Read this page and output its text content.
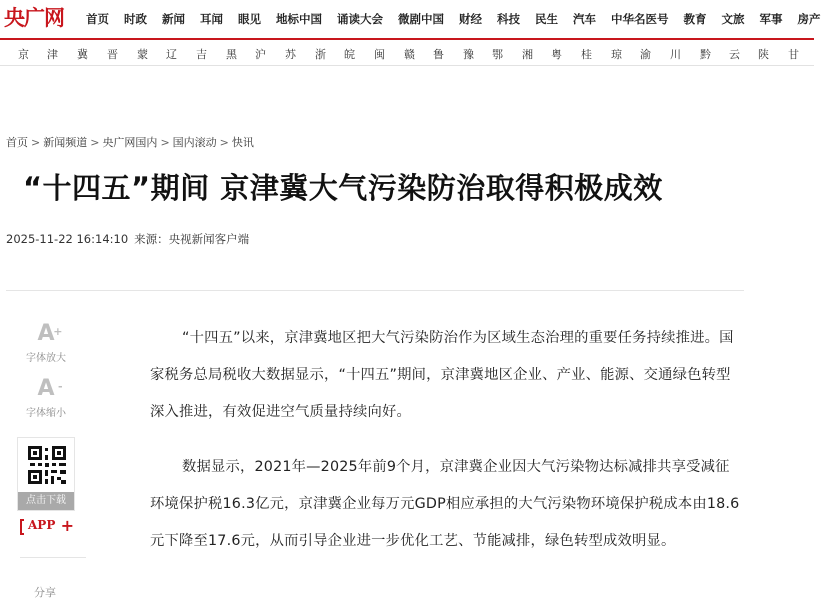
央广网 首页 时政 新闻 耳闻 眼见 地标中国 诵读大会 微剧中国 财经 科技 民生 汽车 中华名医号 教育 文旅 军事 房产
京 津 冀 晋 蒙 辽 吉 黑 沪 苏 浙 皖 闽 赣 鲁 豫 鄂 湘 粤 桂 琼 渝 川 黔 云 陕 甘
首页 > 新闻频道 > 央广网国内 > 国内滚动 > 快讯
“十四五”期间 京津冀大气污染防治取得积极成效
2025-11-22 16:14:10 来源：央视新闻客户端
A
+
字体放大
A -
字体缩小
点击下载
APP +
分享

“十四五”以来，京津冀地区把大气污染防治作为区域生态治理的重要任务持续推进。国家税务总局税收大数据显示，“十四五”期间，京津冀地区企业、产业、能源、交通绿色转型深入推进，有效促进空气质量持续向好。

数据显示，2021年—2025年前9个月，京津冀企业因大气污染物达标减排共享受减征环境保护税16.3亿元，京津冀企业每万元GDP相应承担的大气污染物环境保护税成本由18.6元下降至17.6元，从而引导企业进一步优化工艺、节能减排，绿色转型成效明显。
